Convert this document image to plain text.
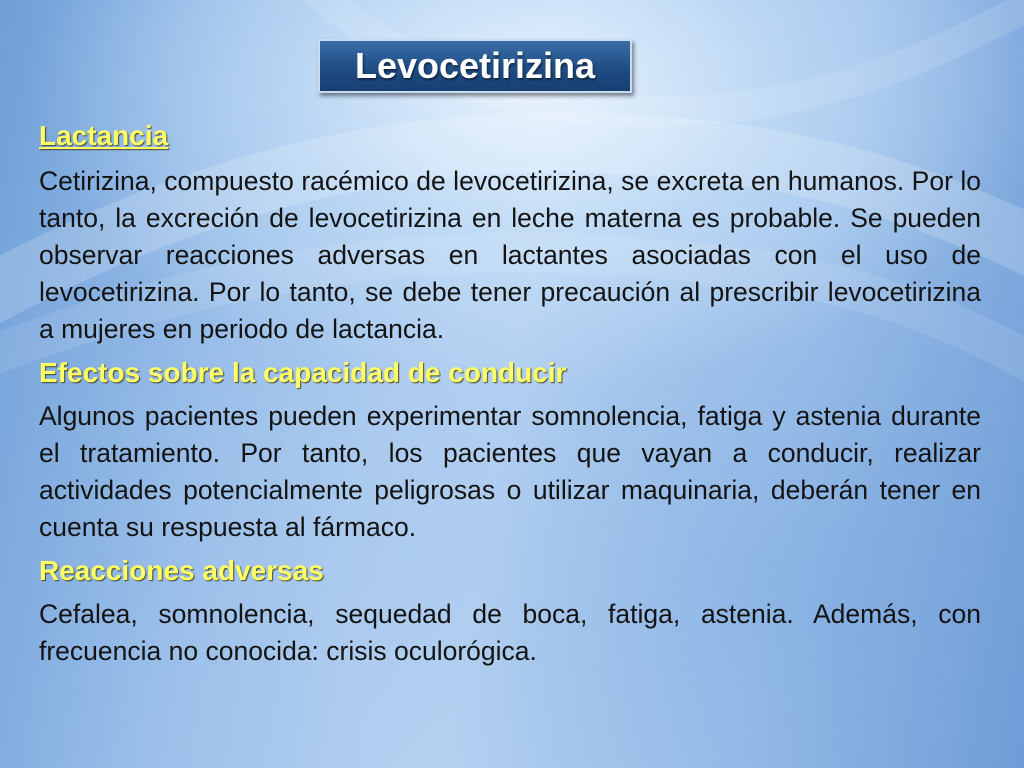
Levocetirizina

Lactancia

Cetirizina, compuesto racémico de levocetirizina, se excreta en humanos. Por lo tanto, la excreción de levocetirizina en leche materna es probable. Se pueden observar reacciones adversas en lactantes asociadas con el uso de levocetirizina. Por lo tanto, se debe tener precaución al prescribir levocetirizina a mujeres en periodo de lactancia.

Efectos sobre la capacidad de conducir

Algunos pacientes pueden experimentar somnolencia, fatiga y astenia durante el tratamiento. Por tanto, los pacientes que vayan a conducir, realizar actividades potencialmente peligrosas o utilizar maquinaria, deberán tener en cuenta su respuesta al fármaco.

Reacciones adversas

Cefalea, somnolencia, sequedad de boca, fatiga, astenia. Además, con frecuencia no conocida: crisis oculorógica.
